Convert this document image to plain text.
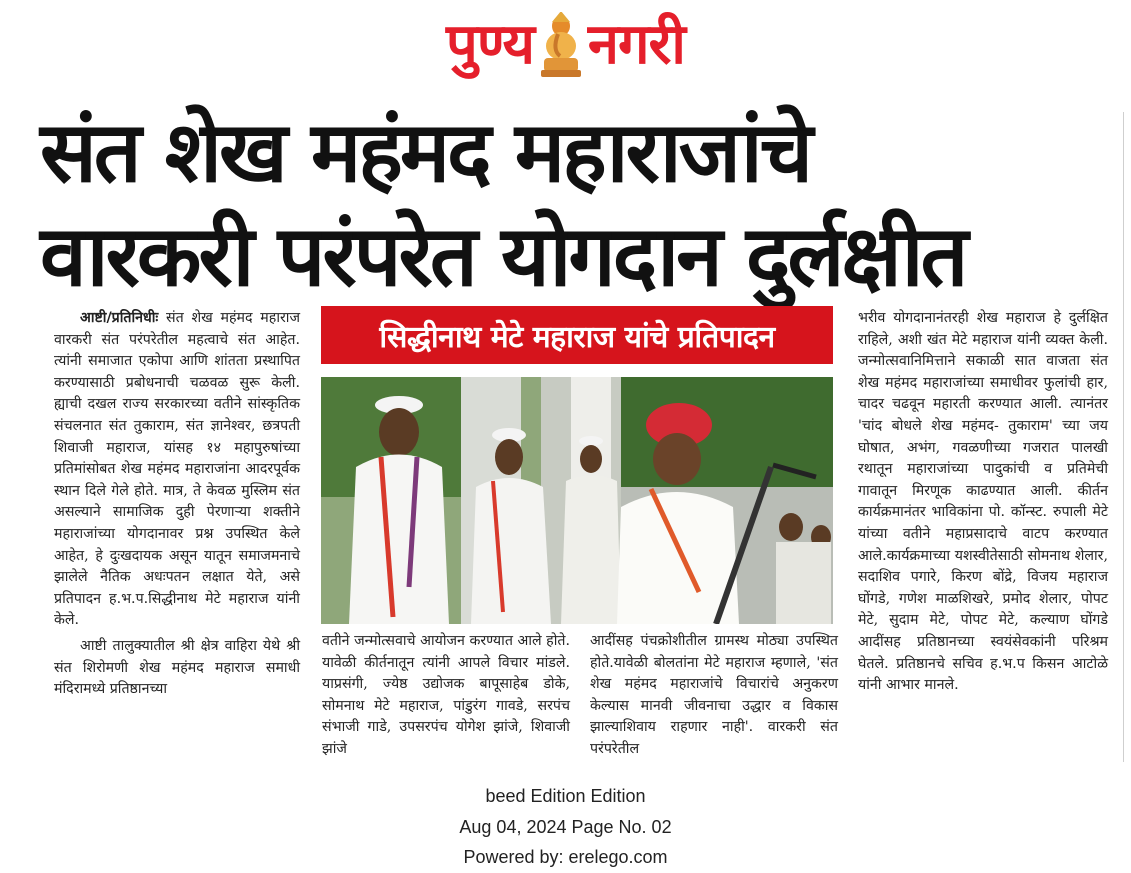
पुण्य नगरी
संत शेख महंमद महाराजांचे
वारकरी परंपरेत योगदान दुर्लक्षीत

आष्टी/प्रतिनिधीः संत शेख महंमद महाराज वारकरी संत परंपरेतील महत्वाचे संत आहेत. त्यांनी समाजात एकोपा आणि शांतता प्रस्थापित करण्यासाठी प्रबोधनाची चळवळ सुरू केली. ह्याची दखल राज्य सरकारच्या वतीने सांस्कृतिक संचलनात संत तुकाराम, संत ज्ञानेश्वर, छत्रपती शिवाजी महाराज, यांसह १४ महापुरुषांच्या प्रतिमांसोबत शेख महंमद महाराजांना आदरपूर्वक स्थान दिले गेले होते. मात्र, ते केवळ मुस्लिम संत असल्याने सामाजिक दुही पेरणाऱ्या शक्तीने महाराजांच्या योगदानावर प्रश्न उपस्थित केले आहेत, हे दुःखदायक असून यातून समाजमनाचे झालेले नैतिक अधःपतन लक्षात येते, असे प्रतिपादन ह.भ.प.सिद्धीनाथ मेटे महाराज यांनी केले.

आष्टी तालुक्यातील श्री क्षेत्र वाहिरा येथे श्री संत शिरोमणी शेख महंमद महाराज समाधी मंदिरामध्ये प्रतिष्ठानच्या

सिद्धीनाथ मेटे महाराज यांचे प्रतिपादन

वतीने जन्मोत्सवाचे आयोजन करण्यात आले होते. यावेळी कीर्तनातून त्यांनी आपले विचार मांडले. याप्रसंगी, ज्येष्ठ उद्योजक बापूसाहेब डोके, सोमनाथ मेटे महाराज, पांडुरंग गावडे, सरपंच संभाजी गाडे, उपसरपंच योगेश झांजे, शिवाजी झांजे

आदींसह पंचक्रोशीतील ग्रामस्थ मोठ्या उपस्थित होते.यावेळी बोलतांना मेटे महाराज म्हणाले, 'संत शेख महंमद महाराजांचे विचारांचे अनुकरण केल्यास मानवी जीवनाचा उद्धार व विकास झाल्याशिवाय राहणार नाही'. वारकरी संत परंपरेतील

भरीव योगदानानंतरही शेख महाराज हे दुर्लक्षित राहिले, अशी खंत मेटे महाराज यांनी व्यक्त केली. जन्मोत्सवानिमित्ताने सकाळी सात वाजता संत शेख महंमद महाराजांच्या समाधीवर फुलांची हार, चादर चढवून महारती करण्यात आली. त्यानंतर 'चांद बोधले शेख महंमद- तुकाराम' च्या जय घोषात, अभंग, गवळणीच्या गजरात पालखी रथातून महाराजांच्या पादुकांची व प्रतिमेची गावातून मिरणूक काढण्यात आली. कीर्तन कार्यक्रमानंतर भाविकांना पो. कॉन्स्ट. रुपाली मेटे यांच्या वतीने महाप्रसादाचे वाटप करण्यात आले.कार्यक्रमाच्या यशस्वीतेसाठी सोमनाथ शेलार, सदाशिव पगारे, किरण बोंद्रे, विजय महाराज घोंगडे, गणेश माळशिखरे, प्रमोद शेलार, पोपट मेटे, सुदाम मेटे, पोपट मेटे, कल्याण घोंगडे आदींसह प्रतिष्ठानच्या स्वयंसेवकांनी परिश्रम घेतले. प्रतिष्ठानचे सचिव ह.भ.प किसन आटोळे यांनी आभार मानले.

beed Edition Edition
Aug 04, 2024 Page No. 02
Powered by: erelego.com
